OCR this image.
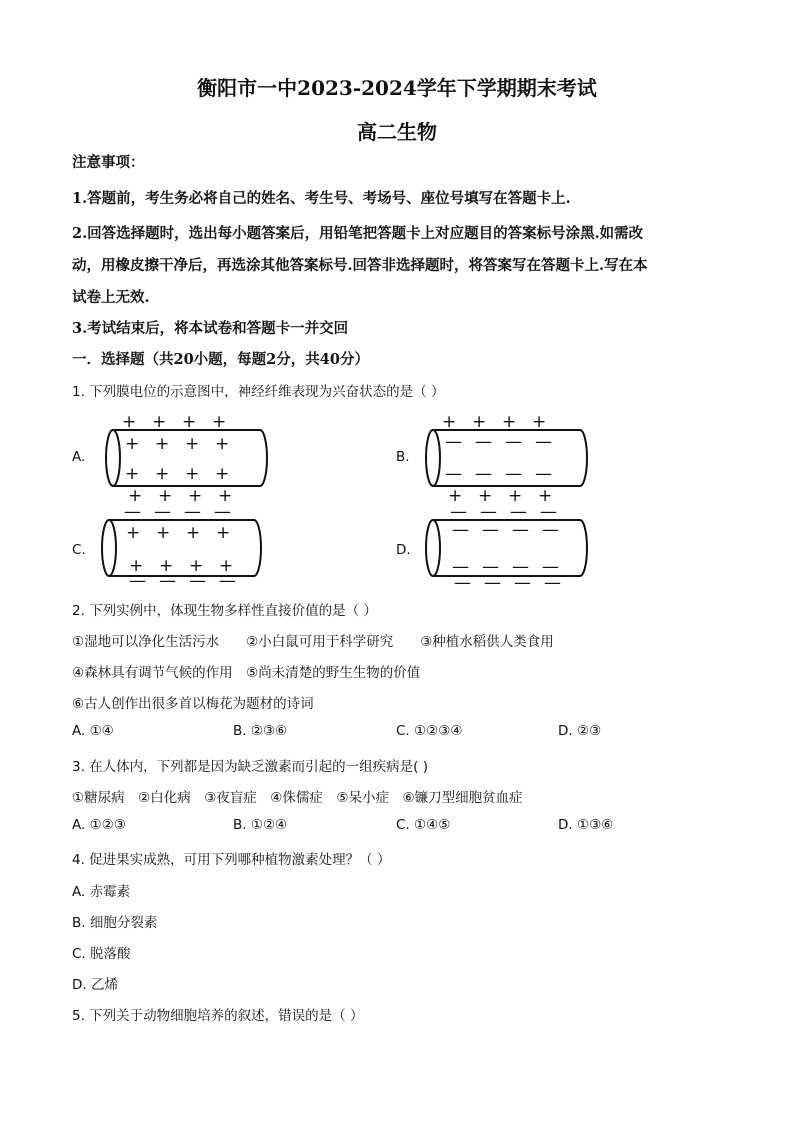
衡阳市一中2023-2024学年下学期期末考试
高二生物
注意事项：
1.答题前，考生务必将自己的姓名、考生号、考场号、座位号填写在答题卡上.
2.回答选择题时，选出每小题答案后，用铅笔把答题卡上对应题目的答案标号涂黑.如需改
动，用橡皮擦干净后，再选涂其他答案标号.回答非选择题时，将答案写在答题卡上.写在本
试卷上无效.
3.考试结束后，将本试卷和答题卡一并交回
一．选择题（共20小题，每题2分，共40分）
1. 下列膜电位的示意图中，神经纤维表现为兴奋状态的是（ ）
A.
+ + + +
+ + + +
+ + + +
+ + + +
B.
+ + + +
— — — —
— — — —
+ + + +
C.
— — — —
+ + + +
+ + + +
— — — —
D.
— — — —
— — — —
— — — —
— — — —
2. 下列实例中，体现生物多样性直接价值的是（ ）
①湿地可以净化生活污水　　②小白鼠可用于科学研究　　③种植水稻供人类食用
④森林具有调节气候的作用　⑤尚未清楚的野生生物的价值
⑥古人创作出很多首以梅花为题材的诗词
A. ①④	B. ②③⑥	C. ①②③④	D. ②③
3. 在人体内，下列都是因为缺乏激素而引起的一组疾病是( )
①糖尿病　②白化病　③夜盲症　④侏儒症　⑤呆小症　⑥镰刀型细胞贫血症
A. ①②③	B. ①②④	C. ①④⑤	D. ①③⑥
4. 促进果实成熟，可用下列哪种植物激素处理？（ ）
A. 赤霉素
B. 细胞分裂素
C. 脱落酸
D. 乙烯
5. 下列关于动物细胞培养的叙述，错误的是（ ）
